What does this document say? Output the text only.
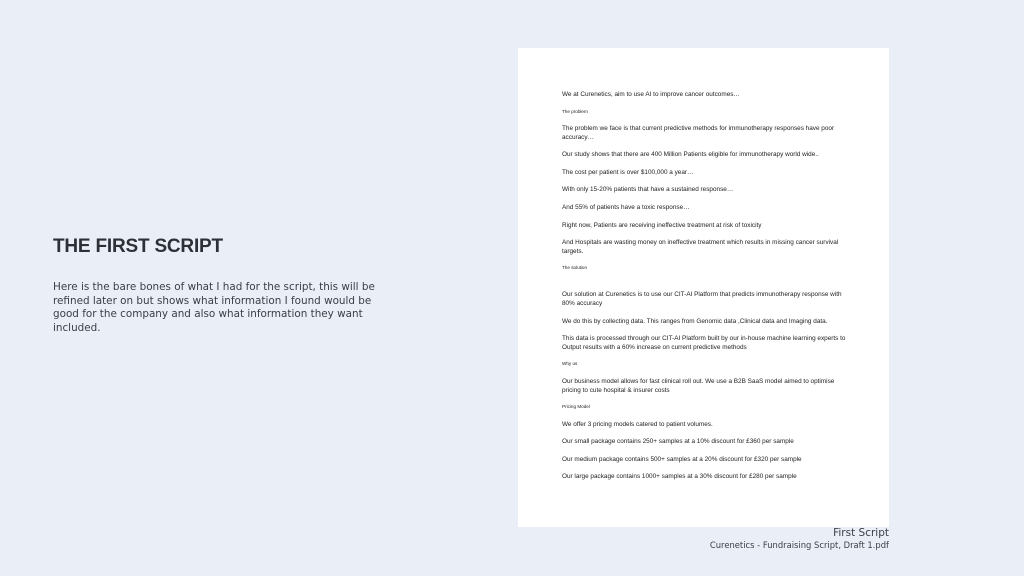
THE FIRST SCRIPT

Here is the bare bones of what I had for the script, this will be refined later on but shows what information I found would be good for the company and also what information they want included.

We at Curenetics, aim to use AI to improve cancer outcomes…

The problem

The problem we face is that current predictive methods for immunotherapy responses have poor accuracy…

Our study shows that there are 400 Million Patients eligible for immunotherapy world wide..

The cost per patient is over $100,000 a year…

With only 15-20% patients that have a sustained response…

And 55% of patients have a toxic response…

Right now, Patients are receiving ineffective treatment at risk of toxicity

And Hospitals are wasting money on ineffective treatment which results in missing cancer survival targets.

The solution

Our solution at Curenetics is to use our CIT-AI Platform that predicts immunotherapy response with 80% accuracy

We do this by collecting data. This ranges from Genomic data ,Clinical data and Imaging data.

This data is processed through our CIT-AI Platform built by our in-house machine learning experts to Output results with a 60% increase on current predictive methods

Why us

Our business model allows for fast clinical roll out. We use a B2B SaaS model aimed to optimise pricing to cute hospital & insurer costs

Pricing Model

We offer 3 pricing models catered to patient volumes.

Our small package contains 250+ samples at a 10% discount for £360 per sample

Our medium package contains 500+ samples at a 20% discount for £320 per sample

Our large package contains 1000+ samples at a 30% discount for £280 per sample

First Script
Curenetics - Fundraising Script, Draft 1.pdf
